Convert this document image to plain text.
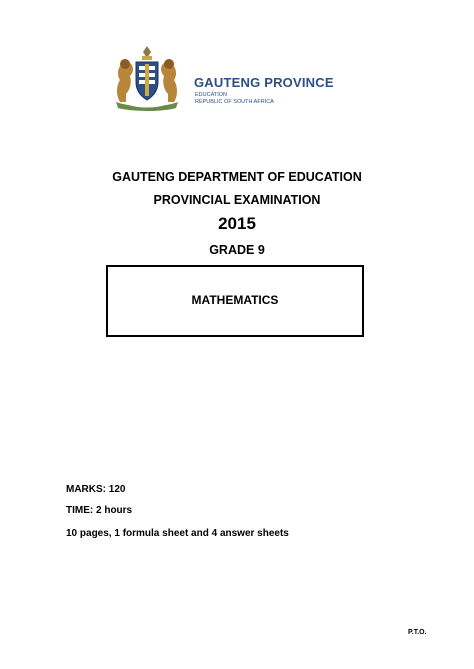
GAUTENG PROVINCE
EDUCATION
REPUBLIC OF SOUTH AFRICA
GAUTENG DEPARTMENT OF EDUCATION
PROVINCIAL EXAMINATION
2015
GRADE 9
MATHEMATICS
MARKS: 120
TIME: 2 hours
10 pages, 1 formula sheet and 4 answer sheets
P.T.O.
